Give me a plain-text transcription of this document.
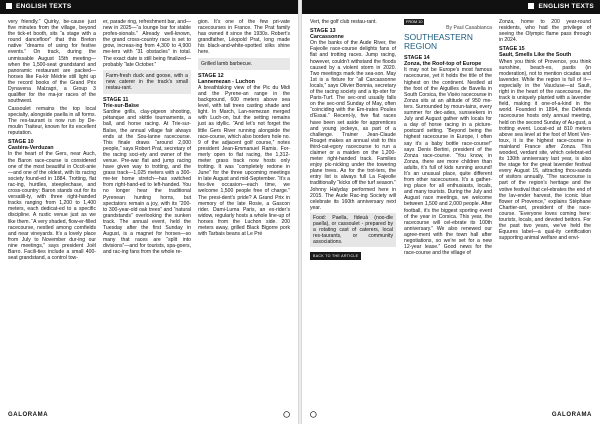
ENGLISH TEXTS

very friendly.” Quirky, be-cause just five minutes from the village, beyond the tick-et booth, sits “a stage with a round dancefloor” that this Breton native “dreams of using for festive events.” On track, during the unmissable August 15th meeting—when the 1,500-seat grandstand and panoramic restaurant are packed—horses like Fa-kir Médrie still light up the record books of the Grand Prix Dynavena Malzagri, a Group 3 qualifier for the ma-jor races of the southwest.

Cassoulet remains the top local specialty, alongside paella in all forms. The res-taurant is now run by De-moulin Traiteur, known for its excellent reputation.

STAGE 10
Castéra-Verduzan

In the heart of the Gers, near Auch, the Baron race-course is considered one of the most beautiful in Occit-anie—and one of the oldest, with its racing society found-ed in 1884. Trotting, flat rac-ing, hurdles, steeplechase, and cross-country: Baron stands out for its versatili-ty, with three right-handed tracks ranging from 1,200 to 1,400 meters, each dedicat-ed to a specific discipline. A rustic venue just as we like them. “A very shaded, flow-er-filled racecourse, nestled among cornfields and near vineyards. It’s a lovely place from July to November dur-ing our nine meetings,” says president Joël Barro. Facili-ties include a small 400-seat grandstand, a control tow-

er, parade ring, refreshment bar, and—new in 2025—“a lounge bar for stable profes-sionals.” Already well-known, the grand cross-country race is set to grow, increas-ing from 4,300 to 4,900 me-ters with “31 obstacles” in total. The exact date is still being finalized—probably “late October.”

Farm-fresh duck and goose, with a new caterer in the track’s small restau-rant.
STAGE 11
Trie-sur-Baïse

Sardine grills, clay-pigeon shooting, pétanque and skittle tournaments, a ball, and horse racing. At Trie-sur-Baïse, the annual village fair always ends at the Sou-lanne racecourse. This finale draws “around 2,000 people,” says Robert Prat, secretary of the racing soci-ety and owner of the venue. Pre-war flat and jump racing have given way to trotting, and the grass track—1,025 meters with a 300-me-ter home stretch—has switched from right-hand-ed to left-handed. You no longer hear the traditional Pyrenean hunting horns, but spectators remain a joy, with its “200- to 300-year-old oak trees” and “natural grandstands” overlooking the sunken track. The annual event, held the Tuesday after the first Sunday in August, is a magnet for horses—so many that races are “split into divisions”—and for tourists, spa-goers, and rac-ing fans from the whole re-

gion. It’s one of the few pri-vate racecourses in France. The Prat family has owned it since the 1930s. Robert’s grandfather, Léopold Prat, long made his black-and-white-spotted silks shine here.

Grilled lamb barbecue.
STAGE 12
Lannemezan - Luchon

A breathtaking view of the Pic du Midi and the Pyrene-an range in the background, 600 meters above sea level, with tall trees casting shade and light. In March, Lan-nemezan merged with Luch-on, but the setting remains just as idyllic. “And let’s not forget the little Gers River running alongside the race-course, which also borders hole no. 9 of the adjacent golf course,” notes president Jean-Emmanuel Ramis. For-merly open to flat racing, the 1,312-meter grass track now hosts only trotting. It was “completely redone in June” for the three upcoming meetings in late August and mid-September. “It’s a fes-tive occasion—each time, we welcome 1,500 people free of charge.” The presi-dent’s pride? A Grand Prix in memory of the late Rosie, a Gascon rider. Dami-Luma Paris, an ex-rider’s widow, regularly hosts a whole line-up of horses from the Luchon side. 200 meters away, grilled Black Bigorre pork with Tarbais beans at Le Pré

GALORAMA	◯
ENGLISH TEXTS

Vert, the golf club restau-rant.

STAGE 13
Carcassonne

On the banks of the Aude River, the Fajeolle race-course delights fans of flat and trotting races. Jump racing, however, couldn’t withstand the floods caused by a violent storm in 2020. Two meetings mark the sea-son. May 1st is a fixture for “all Carcassonne locals,” says Olivier Bonnia, secretary of the racing society and a tip-ster for Paris-Turf. The sec-ond usually falls on the sec-ond Sunday of May, often “coinciding with the Em-irates Poules d’Essai.” Recent-ly, five flat races have been set aside for apprentices and young jockeys, as part of a challenge. Trainer Jean-Claude Rouget makes an annual visit to this third-cat-egory racecourse to run a claimer or a maiden on the 1,200-meter right-handed track. Families enjoy pic-nicking under the towering plane trees. As for the trot-ters, the entry list is always full La Fajeolle traditionally “kicks off the turf season.” Johnny Halyday performed here in 2015. The Aude Rac-ing Society will celebrate its 160th anniversary next year.

Food: Paella, fideuà (noo-dle paella), or cassoulet - prepared by a rotating cast of caterers, local res-taurants, or community associations.
BACK TO THE ARTICLE
FROM 10
By Paul Casabianca
SOUTHEASTERN REGION
STAGE 14
Zonza, the Roof-top of Europe

It may not be Europe’s most famous racecourse, yet it holds the title of the highest on the continent. Nestled at the foot of the Aiguilles de Bavella in South Corsica, the Viséo racecourse in Zonza sits at an altitude of 950 me-ters. Surrounded by moun-tains, every summer for dec-ades, sunseekers in July and August gather with locals for a day of horse racing in a picture-postcard setting. “Beyond being the highest racecourse in Europe, I often say it’s a baby bottle race-course!” says Denis Bertini, president of the Zonza race-course. “You know, in Zonza, there are more children than adults, it’s full of kids running around! It’s an unusual place, quite different from other racecourses. It’s a gather-ing place for all enthusiasts, locals, and many tourists. During the July and August race meetings, we welcome between 1,500 and 2,000 people. After football, it’s the biggest sporting event of the year in Corsica. This year, the racecourse will cel-ebrate its 100th anniversary.” We also renewed our agree-ment with the town hall after negotiations, so we’re set for a new 12-year lease.” Good news for the race-course and the village of

Zonza, home to 200 year-round residents, who had the privilege of seeing the Olympic flame pass through in 2024.

STAGE 15
Sault, Smells Like the South

When you think of Provence, you think sunshine, beach-es, pastis (in moderation), not to mention cicadas and lavender. While the region is full of it—especially in the Vaucluse—at Sault, right in the heart of the racecourse, the track is uniquely planted with a lavender field, making it one-of-a-kind in the world. Founded in 1894, the Défends racecourse hosts only annual meeting, held on the second Sunday of Au-gust, a trotting event. Locat-ed at 810 meters above sea level at the foot of Mont Ven-toux, it is the highest race-course in mainland France after Zonza. This wooded, verdant site, which celebrat-ed its 130th anniversary last year, is also the stage for the great lavender festival every August 15, attracting thou-sands of visitors annually. “The racecourse is part of the region’s heritage and the votive festival that cel-ebrates the end of the lav-ender harvest, the iconic blue flower of Provence,” explains Stéphane Chartier-ant, president of the race-course. “Everyone loves coming here: tourists, locals, and devoted bettors. For the past two years, we’ve held the Équures label—a qual-ity certification supporting animal welfare and envi-

◯	GALORAMA
